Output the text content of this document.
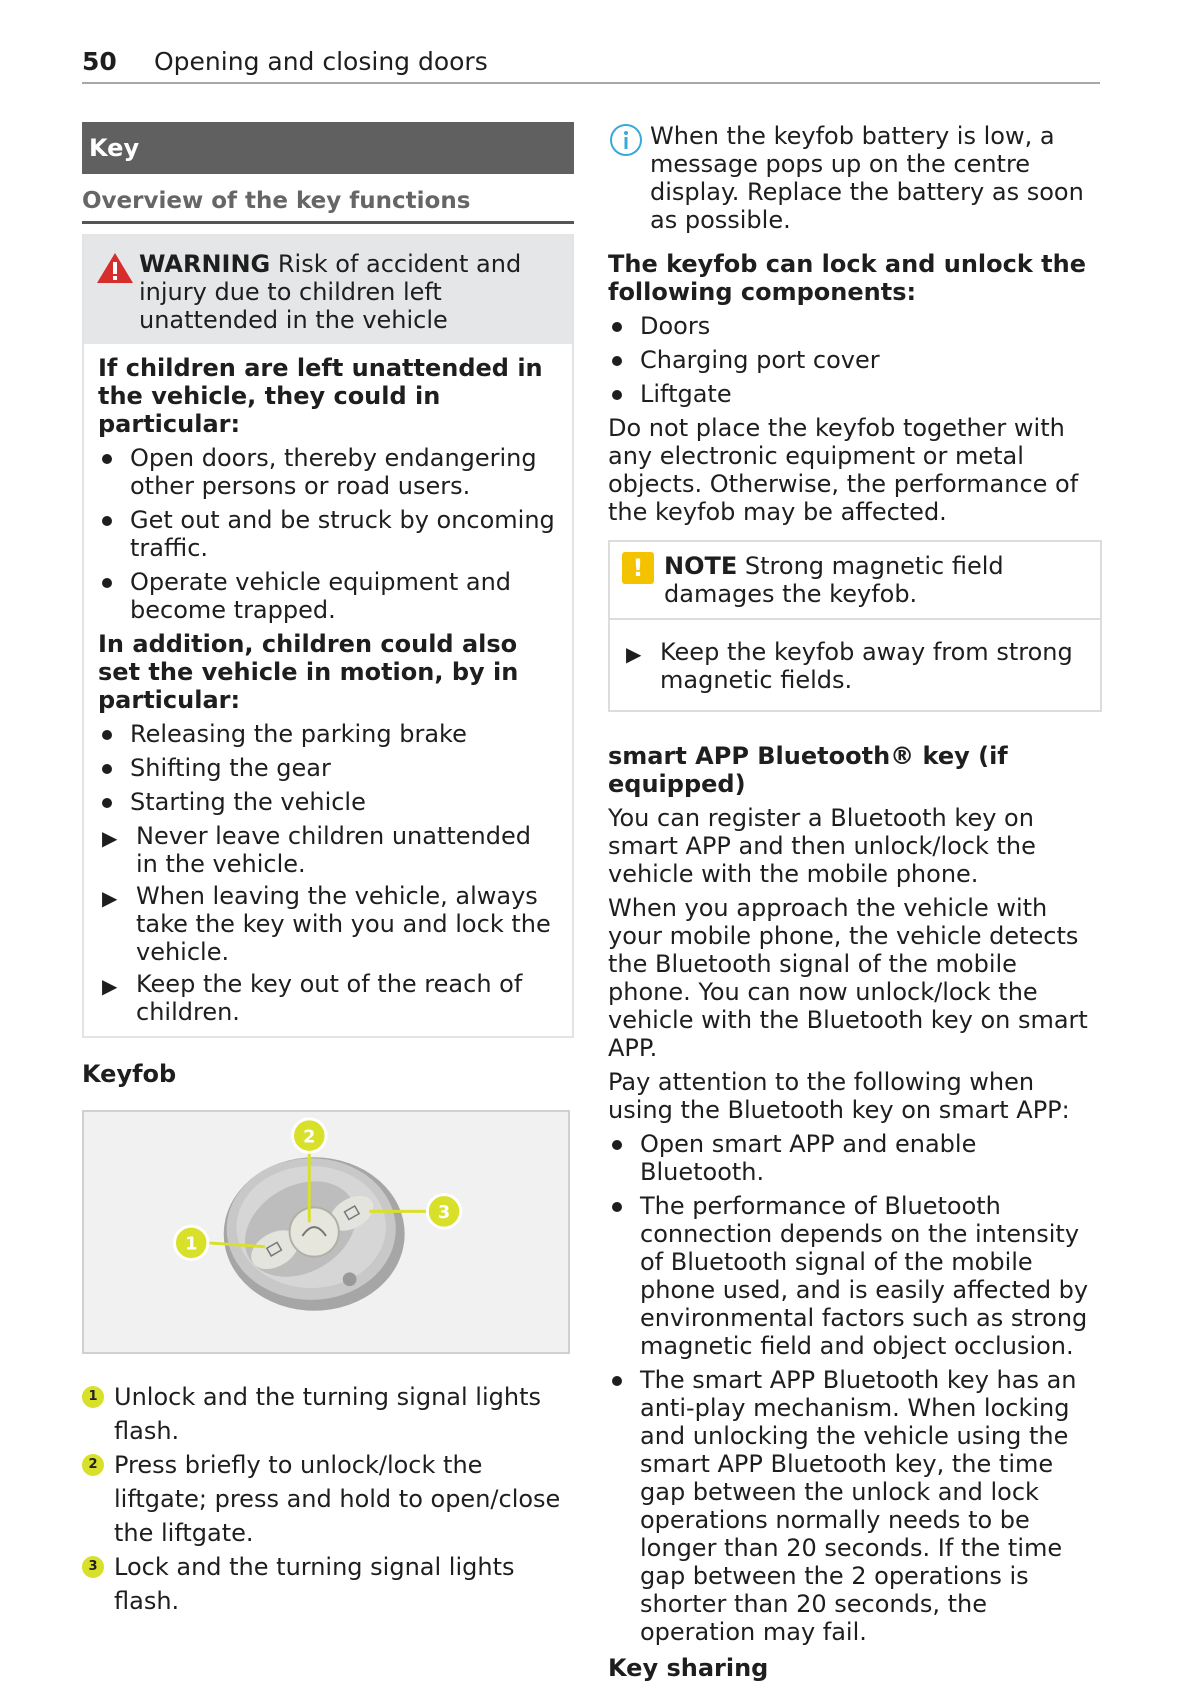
50 Opening and closing doors
Key
Overview of the key functions
WARNING Risk of accident and injury due to children left unattended in the vehicle
If children are left unattended in the vehicle, they could in particular:
Open doors, thereby endangering other persons or road users.
Get out and be struck by oncoming traffic.
Operate vehicle equipment and become trapped.
In addition, children could also set the vehicle in motion, by in particular:
Releasing the parking brake
Shifting the gear
Starting the vehicle
▶ Never leave children unattended in the vehicle.
▶ When leaving the vehicle, always take the key with you and lock the vehicle.
▶ Keep the key out of the reach of children.
Keyfob
1
2
3
1 Unlock and the turning signal lights flash.
2 Press briefly to unlock/lock the liftgate; press and hold to open/close the liftgate.
3 Lock and the turning signal lights flash.
When the keyfob battery is low, a message pops up on the centre display. Replace the battery as soon as possible.
The keyfob can lock and unlock the following components:
Doors
Charging port cover
Liftgate

Do not place the keyfob together with any electronic equipment or metal objects. Otherwise, the performance of the keyfob may be affected.

! NOTE Strong magnetic field damages the keyfob.
▶ Keep the keyfob away from strong magnetic fields.
smart APP Bluetooth® key (if equipped)

You can register a Bluetooth key on smart APP and then unlock/lock the vehicle with the mobile phone.

When you approach the vehicle with your mobile phone, the vehicle detects the Bluetooth signal of the mobile phone. You can now unlock/lock the vehicle with the Bluetooth key on smart APP.

Pay attention to the following when using the Bluetooth key on smart APP:

Open smart APP and enable Bluetooth.
The performance of Bluetooth connection depends on the intensity of Bluetooth signal of the mobile phone used, and is easily affected by environmental factors such as strong magnetic field and object occlusion.
The smart APP Bluetooth key has an anti-play mechanism. When locking and unlocking the vehicle using the smart APP Bluetooth key, the time gap between the unlock and lock operations normally needs to be longer than 20 seconds. If the time gap between the 2 operations is shorter than 20 seconds, the operation may fail.
Key sharing
